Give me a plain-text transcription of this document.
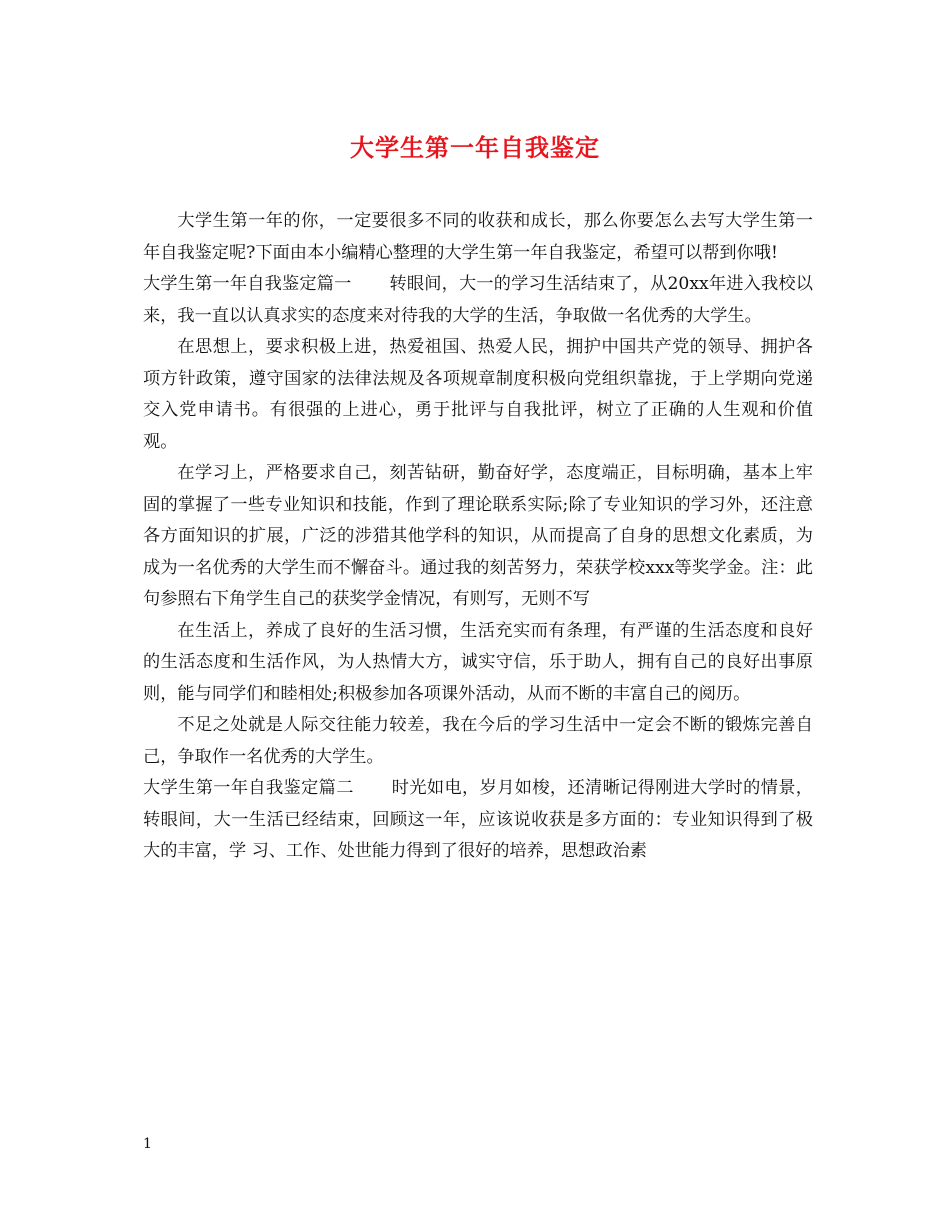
大学生第一年自我鉴定

大学生第一年的你，一定要很多不同的收获和成长，那么你要怎么去写大学生第一年自我鉴定呢?下面由本小编精心整理的大学生第一年自我鉴定，希望可以帮到你哦!

大学生第一年自我鉴定篇一 转眼间，大一的学习生活结束了，从20xx年进入我校以来，我一直以认真求实的态度来对待我的大学的生活，争取做一名优秀的大学生。

在思想上，要求积极上进，热爱祖国、热爱人民，拥护中国共产党的领导、拥护各项方针政策，遵守国家的法律法规及各项规章制度积极向党组织靠拢，于上学期向党递交入党申请书。有很强的上进心，勇于批评与自我批评，树立了正确的人生观和价值观。

在学习上，严格要求自己，刻苦钻研，勤奋好学，态度端正，目标明确，基本上牢固的掌握了一些专业知识和技能，作到了理论联系实际;除了专业知识的学习外，还注意各方面知识的扩展，广泛的涉猎其他学科的知识，从而提高了自身的思想文化素质，为成为一名优秀的大学生而不懈奋斗。通过我的刻苦努力，荣获学校xxx等奖学金。注：此句参照右下角学生自己的获奖学金情况，有则写，无则不写

在生活上，养成了良好的生活习惯，生活充实而有条理，有严谨的生活态度和良好的生活态度和生活作风，为人热情大方，诚实守信，乐于助人，拥有自己的良好出事原则，能与同学们和睦相处;积极参加各项课外活动，从而不断的丰富自己的阅历。

不足之处就是人际交往能力较差，我在今后的学习生活中一定会不断的锻炼完善自己，争取作一名优秀的大学生。

大学生第一年自我鉴定篇二 时光如电，岁月如梭，还清晰记得刚进大学时的情景，转眼间，大一生活已经结束，回顾这一年，应该说收获是多方面的：专业知识得到了极大的丰富，学 习、工作、处世能力得到了很好的培养，思想政治素

1
